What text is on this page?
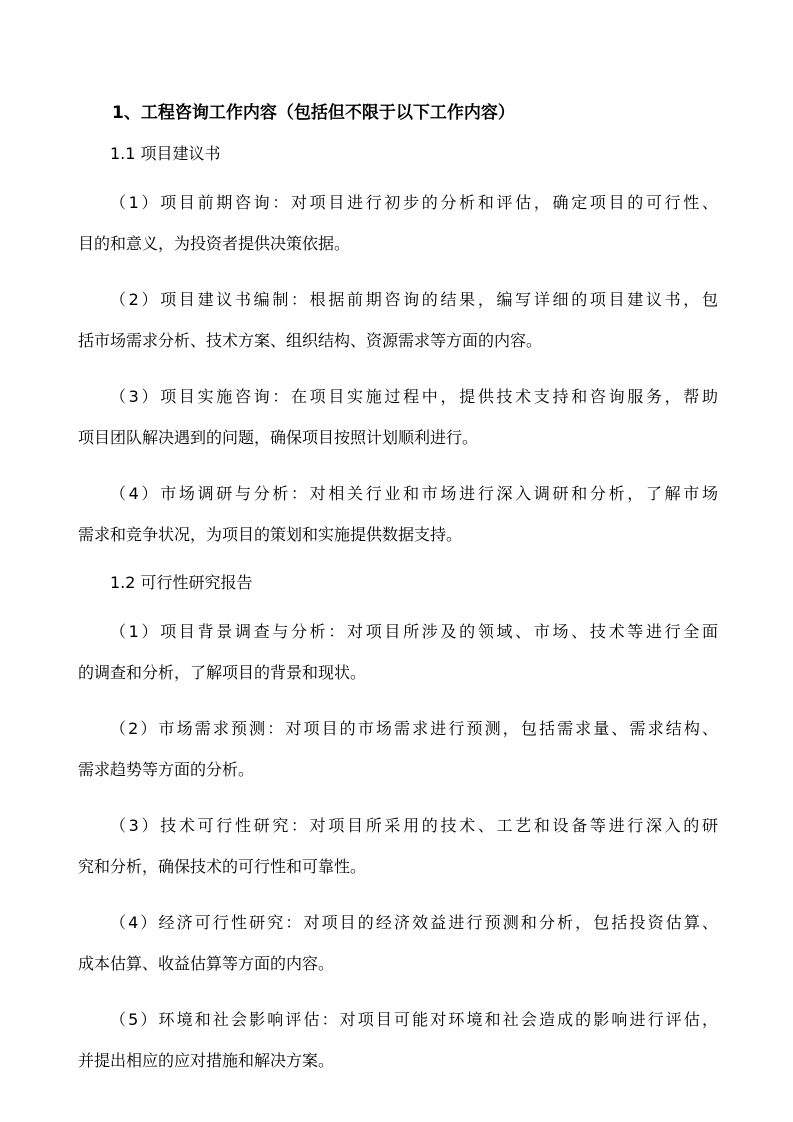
1、工程咨询工作内容（包括但不限于以下工作内容）
1.1 项目建议书

（1）项目前期咨询：对项目进行初步的分析和评估，确定项目的可行性、
目的和意义，为投资者提供决策依据。

（2）项目建议书编制：根据前期咨询的结果，编写详细的项目建议书，包
括市场需求分析、技术方案、组织结构、资源需求等方面的内容。

（3）项目实施咨询：在项目实施过程中，提供技术支持和咨询服务，帮助
项目团队解决遇到的问题，确保项目按照计划顺利进行。

（4）市场调研与分析：对相关行业和市场进行深入调研和分析，了解市场
需求和竞争状况，为项目的策划和实施提供数据支持。

1.2 可行性研究报告

（1）项目背景调查与分析：对项目所涉及的领域、市场、技术等进行全面
的调查和分析，了解项目的背景和现状。

（2）市场需求预测：对项目的市场需求进行预测，包括需求量、需求结构、
需求趋势等方面的分析。

（3）技术可行性研究：对项目所采用的技术、工艺和设备等进行深入的研
究和分析，确保技术的可行性和可靠性。

（4）经济可行性研究：对项目的经济效益进行预测和分析，包括投资估算、
成本估算、收益估算等方面的内容。

（5）环境和社会影响评估：对项目可能对环境和社会造成的影响进行评估，
并提出相应的应对措施和解决方案。
